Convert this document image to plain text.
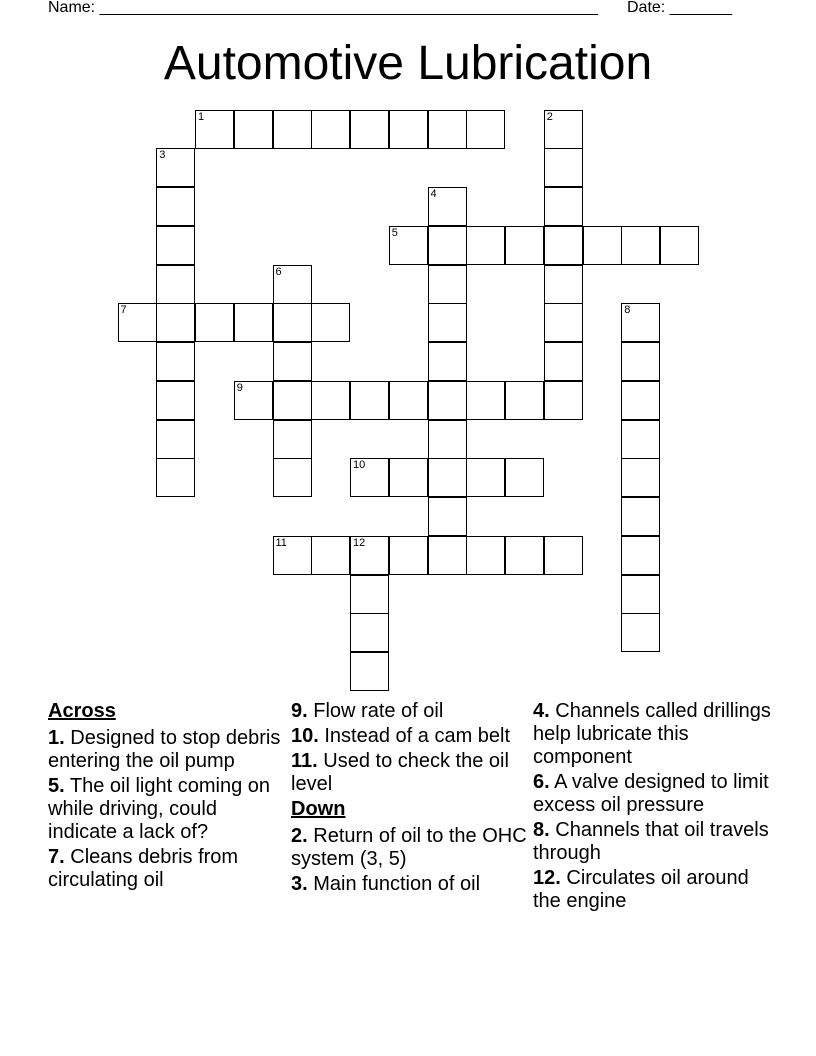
Name: ________________________________________________________ Date: _______
Automotive Lubrication
1	2
3
4
5
6
7	8
9
10
11	12
Across
1. Designed to stop debris entering the oil pump
5. The oil light coming on while driving, could indicate a lack of?
7. Cleans debris from circulating oil
9. Flow rate of oil
10. Instead of a cam belt
11. Used to check the oil level
Down
2. Return of oil to the OHC system (3, 5)
3. Main function of oil
4. Channels called drillings help lubricate this component
6. A valve designed to limit excess oil pressure
8. Channels that oil travels through
12. Circulates oil around the engine
